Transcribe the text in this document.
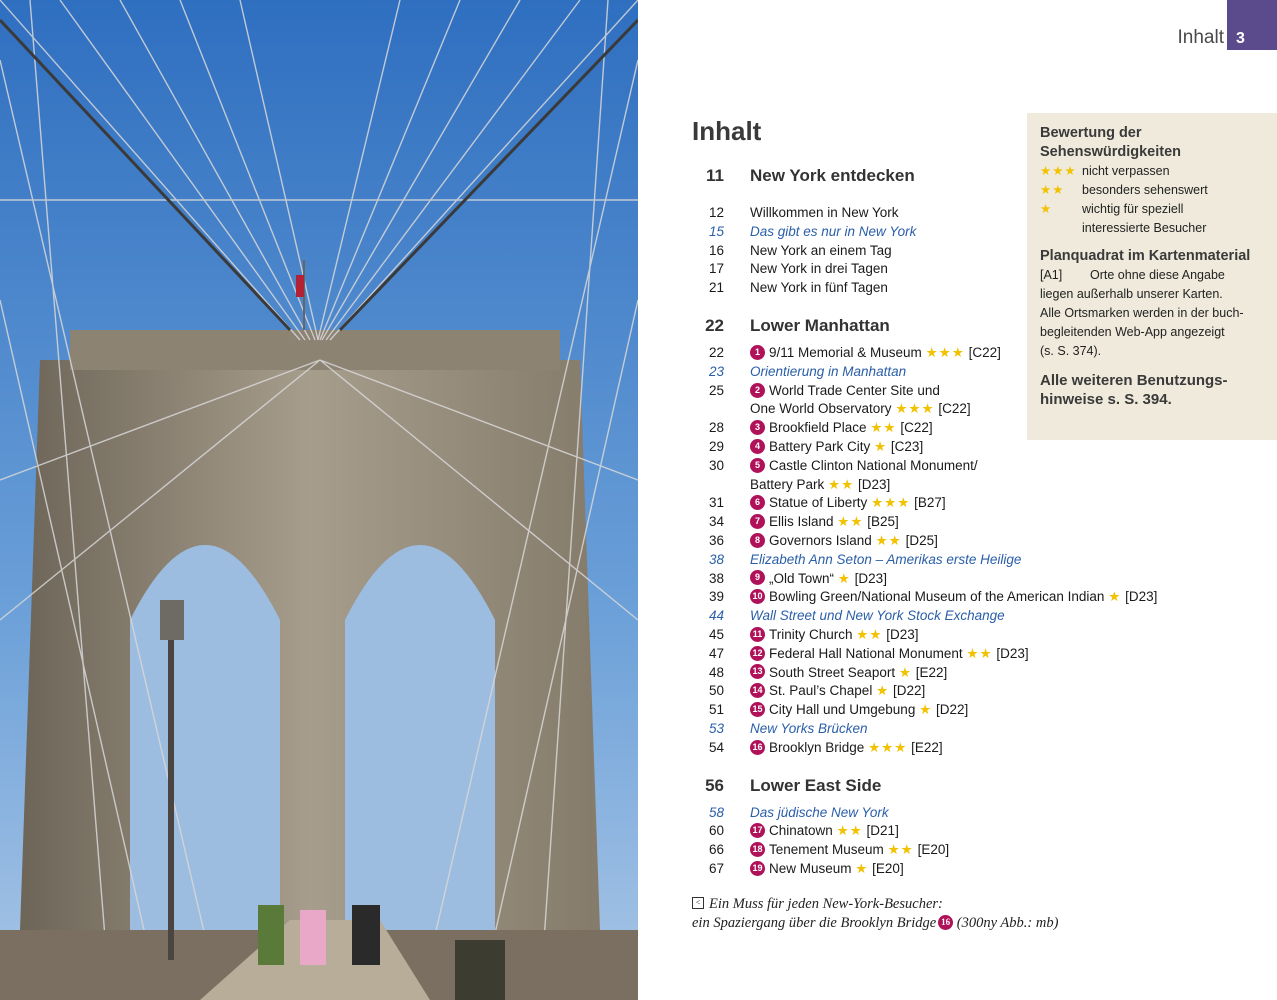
Inhalt 3
Inhalt
11 New York entdecken
12 Willkommen in New York
15 Das gibt es nur in New York
16 New York an einem Tag
17 New York in drei Tagen
21 New York in fünf Tagen
22 Lower Manhattan
22	1 9/11 Memorial & Museum ★★★ [C22]
23 Orientierung in Manhattan
25	2 World Trade Center Site und
One World Observatory ★★★ [C22]
28	3 Brookfield Place ★★ [C22]
29	4 Battery Park City ★ [C23]
30	5 Castle Clinton National Monument/
Battery Park ★★ [D23]
31	6 Statue of Liberty ★★★ [B27]
34	7 Ellis Island ★★ [B25]
36	8 Governors Island ★★ [D25]
38 Elizabeth Ann Seton – Amerikas erste Heilige
38	9 „Old Town“ ★ [D23]
39	10 Bowling Green/National Museum of the American Indian ★ [D23]
44 Wall Street und New York Stock Exchange
45	11 Trinity Church ★★ [D23]
47	12 Federal Hall National Monument ★★ [D23]
48	13 South Street Seaport ★ [E22]
50	14 St. Paul’s Chapel ★ [D22]
51	15 City Hall und Umgebung ★ [D22]
53 New Yorks Brücken
54	16 Brooklyn Bridge ★★★ [E22]
56 Lower East Side
58 Das jüdische New York
60	17 Chinatown ★★ [D21]
66	18 Tenement Museum ★★ [E20]
67	19 New Museum ★ [E20]
Bewertung der
Sehenswürdigkeiten
★★★ nicht verpassen
★★ besonders sehenswert
★ wichtig für speziell
interessierte Besucher
Planquadrat im Kartenmaterial
[A1]        Orte ohne diese Angabe
liegen außerhalb unserer Karten.
Alle Ortsmarken werden in der buch-
begleitenden Web-App angezeigt
(s. S. 374).
Alle weiteren Benutzungs-
hinweise s. S. 394.
< Ein Muss für jeden New-York-Besucher:
ein Spaziergang über die Brooklyn Bridge 16 (300ny Abb.: mb)
